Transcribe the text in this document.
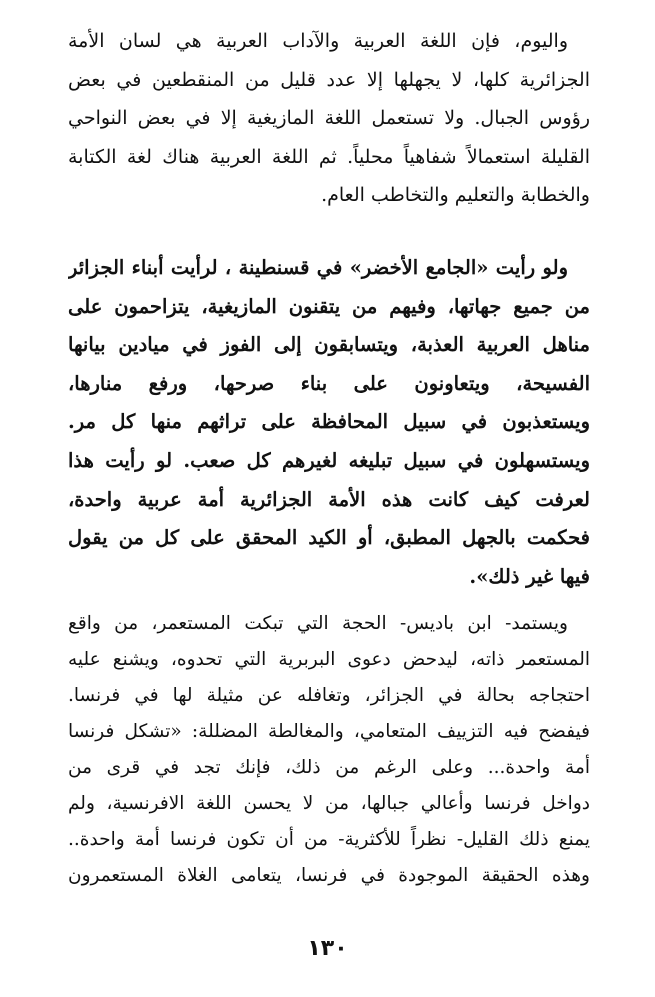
واليوم، فإن اللغة العربية والآداب العربية هي لسان الأمة
الجزائرية كلها، لا يجهلها إلا عدد قليل من المنقطعين في بعض
رؤوس الجبال. ولا تستعمل اللغة المازيغية إلا في بعض النواحي
القليلة استعمالاً شفاهياً محلياً. ثم اللغة العربية هناك لغة الكتابة
والخطابة والتعليم والتخاطب العام.
ولو رأيت «الجامع الأخضر» في قسنطينة ، لرأيت أبناء الجزائر
من جميع جهاتها، وفيهم من يتقنون المازيغية، يتزاحمون على
مناهل العربية العذبة، ويتسابقون إلى الفوز في ميادين بيانها
الفسيحة، ويتعاونون على بناء صرحها، ورفع منارها،
ويستعذبون في سبيل المحافظة على تراثهم منها كل مر.
ويستسهلون في سبيل تبليغه لغيرهم كل صعب. لو رأيت هذا
لعرفت كيف كانت هذه الأمة الجزائرية أمة عربية واحدة،
فحكمت بالجهل المطبق، أو الكيد المحقق على كل من يقول
فيها غير ذلك».
ويستمد- ابن باديس- الحجة التي تبكت المستعمر، من واقع
المستعمر ذاته، ليدحض دعوى البربرية التي تحدوه، ويشنع عليه
احتجاجه بحالة في الجزائر، وتغافله عن مثيلة لها في فرنسا.
فيفضح فيه التزييف المتعامي، والمغالطة المضللة: «تشكل فرنسا
أمة واحدة... وعلى الرغم من ذلك، فإنك تجد في قرى من
دواخل فرنسا وأعالي جبالها، من لا يحسن اللغة الافرنسية، ولم
يمنع ذلك القليل- نظراً للأكثرية- من أن تكون فرنسا أمة واحدة..
وهذه الحقيقة الموجودة في فرنسا، يتعامى الغلاة المستعمرون
١٣٠
